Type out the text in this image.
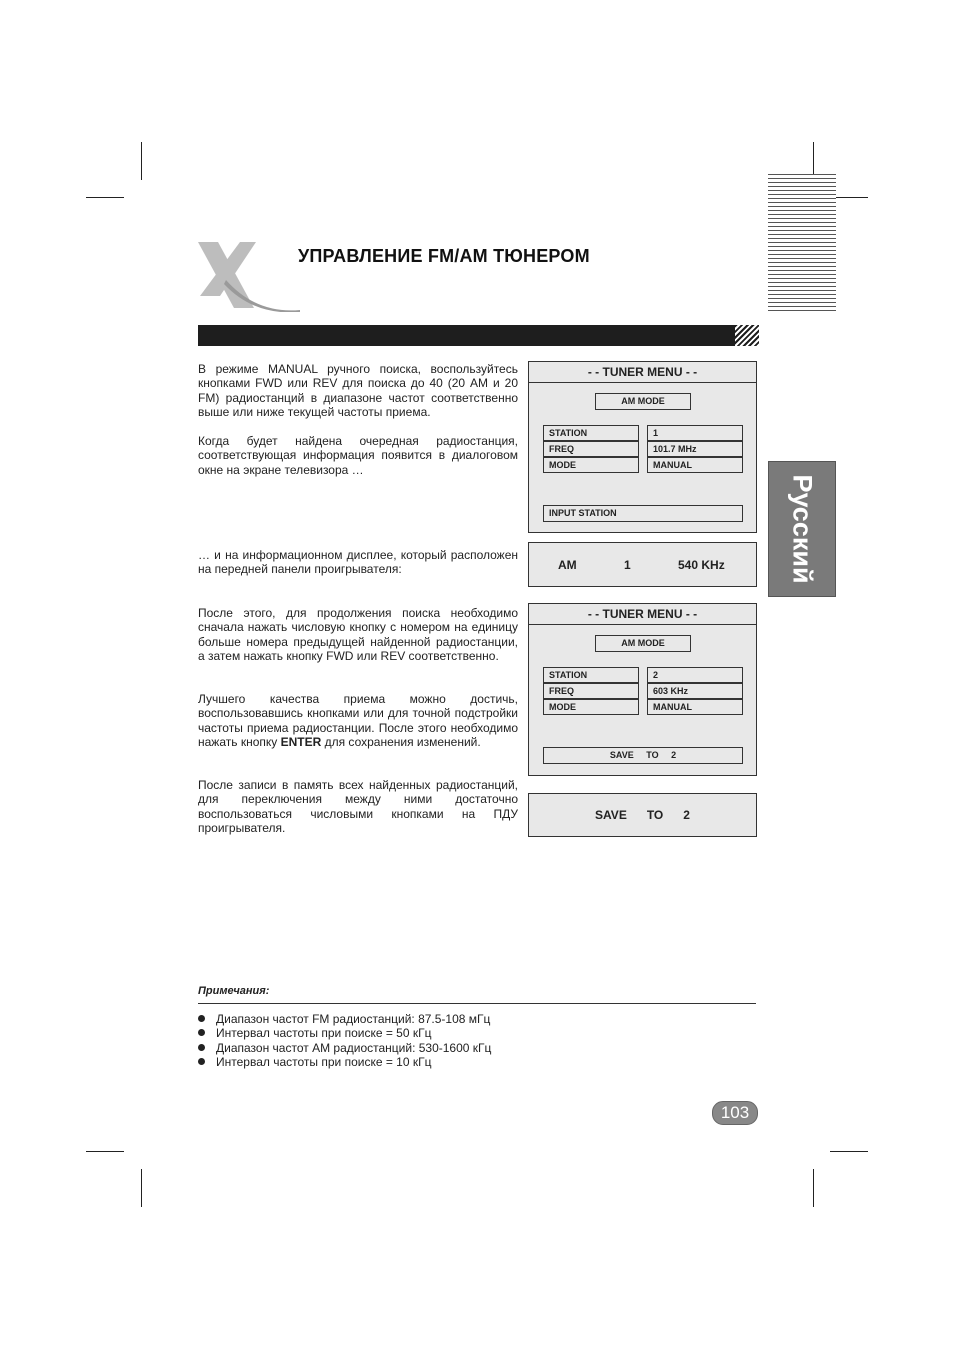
УПРАВЛЕНИЕ FM/AM ТЮНЕРОМ
Русский
В режиме MANUAL ручного поиска, воспользуйтесь кнопками FWD или REV для поиска до 40 (20 AM и 20 FM) радиостанций в диапазоне частот соответственно выше или ниже текущей частоты приема.
Когда будет найдена очередная радиостанция, соответствующая информация появится в диалоговом окне на экране телевизора …
… и на информационном дисплее, который расположен на передней панели проигрывателя:
После этого, для продолжения поиска необходимо сначала нажать числовую кнопку с номером на единицу больше номера предыдущей найденной радиостанции, а затем нажать кнопку FWD или REV соответственно.
Лучшего качества приема можно достичь, воспользовавшись кнопками или для точной подстройки частоты приема радиостанции. После этого необходимо нажать кнопку ENTER для сохранения изменений.
После записи в память всех найденных радиостанций, для переключения между ними достаточно воспользоваться числовыми кнопками на ПДУ проигрывателя.
- - TUNER MENU - -
AM MODE
STATION	1
FREQ	101.7 MHz
MODE	MANUAL
INPUT STATION
AM	1	540 KHz
- - TUNER MENU - -
AM MODE
STATION	2
FREQ	603 KHz
MODE	MANUAL
SAVE     TO     2
SAVE      TO      2
Примечания:
Диапазон частот FM радиостанций: 87.5-108 мГц
Интервал частоты при поиске = 50 кГц
Диапазон частот AM радиостанций: 530-1600 кГц
Интервал частоты при поиске = 10 кГц
103
